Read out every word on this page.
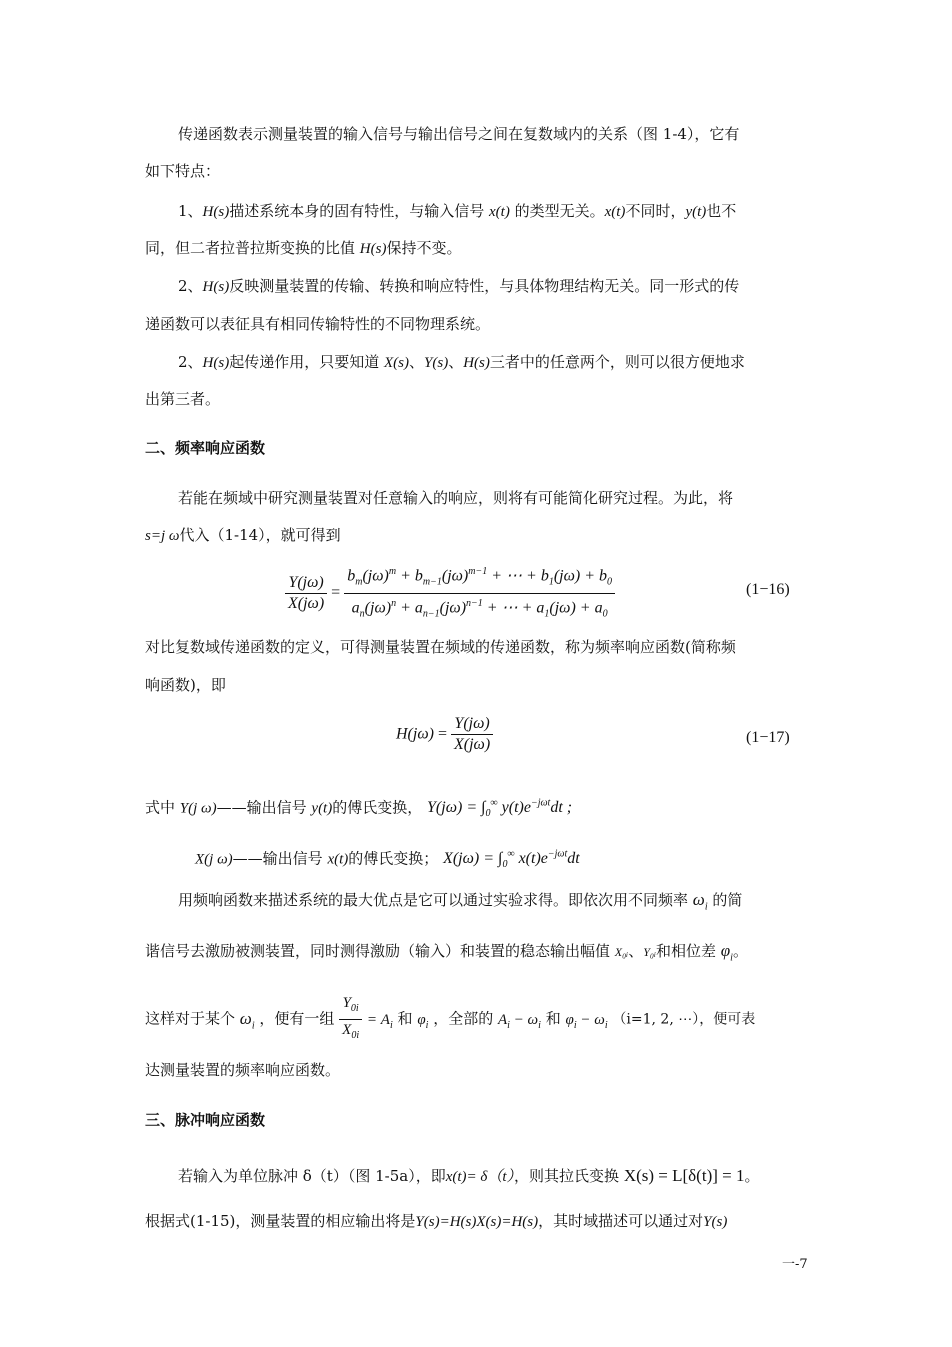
传递函数表示测量装置的输入信号与输出信号之间在复数域内的关系（图 1-4），它有
如下特点：
1、H(s)描述系统本身的固有特性，与输入信号 x(t) 的类型无关。x(t)不同时，y(t)也不
同，但二者拉普拉斯变换的比值 H(s)保持不变。
2、H(s)反映测量装置的传输、转换和响应特性，与具体物理结构无关。同一形式的传
递函数可以表征具有相同传输特性的不同物理系统。
2、H(s)起传递作用，只要知道 X(s)、Y(s)、H(s)三者中的任意两个，则可以很方便地求
出第三者。
二、频率响应函数
若能在频域中研究测量装置对任意输入的响应，则将有可能简化研究过程。为此，将
s=j ω代入（1-14），就可得到
$\frac{Y(j\omega)}{X(j\omega)} = \frac{b_m(j\omega)^m + b_{m-1}(j\omega)^{m-1} + \cdots + b_1(j\omega) + b_0}{a_n(j\omega)^n + a_{n-1}(j\omega)^{n-1} + \cdots + a_1(j\omega) + a_0}$	(1−16)
对比复数域传递函数的定义，可得测量装置在频域的传递函数，称为频率响应函数(简称频
响函数)，即
$H(j\omega) = \frac{Y(j\omega)}{X(j\omega)}$	(1−17)
式中 Y(j ω)——输出信号 y(t)的傅氏变换， $Y(j\omega) = \int_0^\infty$ $y(t)e^{-j\omega t}dt$ ;
X(j ω)——输出信号 x(t)的傅氏变换； $X(j\omega) = \int_0^\infty$ $x(t)e^{-j\omega t}dt$
用频响函数来描述系统的最大优点是它可以通过实验求得。即依次用不同频率 $\omega_i$ 的简
谐信号去激励被测装置，同时测得激励（输入）和装置的稳态输出幅值 X₀ᵢ、Y₀ᵢ和相位差 $\varphi_i$。
这样对于某个 $\omega_i$ ，便有一组 $\frac{Y_{0i}}{X_{0i}} = A_i$ 和 $\varphi_i$ ，全部的 $A_i - \omega_i$ 和 $\varphi_i - \omega_i$ （i=1, 2, ⋯），便可表
达测量装置的频率响应函数。
三、脉冲响应函数
若输入为单位脉冲 δ（t）（图 1-5a），即x(t)= δ（t），则其拉氏变换 X(s) = L[δ(t)] = 1。
根据式(1-15)，测量装置的相应输出将是Y(s)=H(s)X(s)=H(s)，其时域描述可以通过对Y(s)
一-7
